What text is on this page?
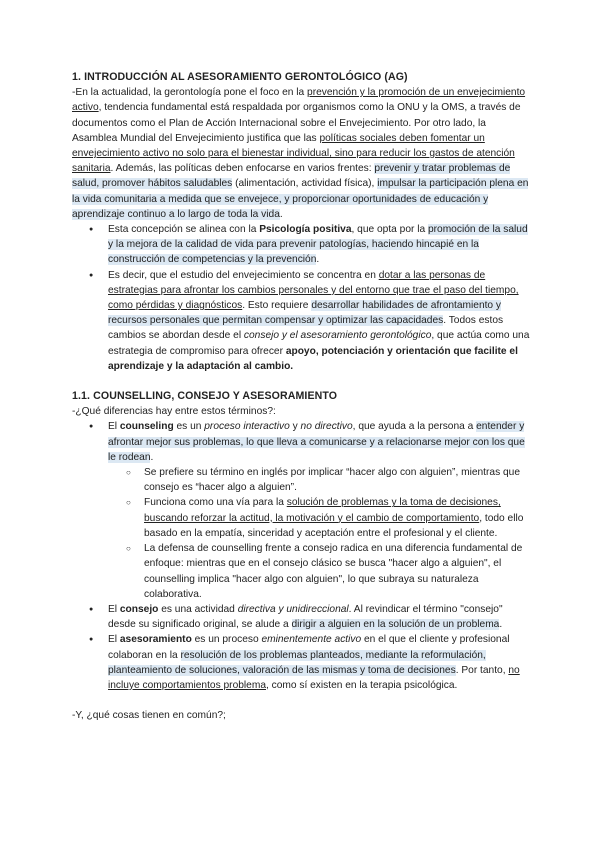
1. INTRODUCCIÓN AL ASESORAMIENTO GERONTOLÓGICO (AG)

-En la actualidad, la gerontología pone el foco en la prevención y la promoción de un envejecimiento activo, tendencia fundamental está respaldada por organismos como la ONU y la OMS, a través de documentos como el Plan de Acción Internacional sobre el Envejecimiento. Por otro lado, la Asamblea Mundial del Envejecimiento justifica que las políticas sociales deben fomentar un envejecimiento activo no solo para el bienestar individual, sino para reducir los gastos de atención sanitaria. Además, las políticas deben enfocarse en varios frentes: prevenir y tratar problemas de salud, promover hábitos saludables (alimentación, actividad física), impulsar la participación plena en la vida comunitaria a medida que se envejece, y proporcionar oportunidades de educación y aprendizaje continuo a lo largo de toda la vida.

● Esta concepción se alinea con la Psicología positiva, que opta por la promoción de la salud y la mejora de la calidad de vida para prevenir patologías, haciendo hincapié en la construcción de competencias y la prevención.
● Es decir, que el estudio del envejecimiento se concentra en dotar a las personas de estrategias para afrontar los cambios personales y del entorno que trae el paso del tiempo, como pérdidas y diagnósticos. Esto requiere desarrollar habilidades de afrontamiento y recursos personales que permitan compensar y optimizar las capacidades. Todos estos cambios se abordan desde el consejo y el asesoramiento gerontológico, que actúa como una estrategia de compromiso para ofrecer apoyo, potenciación y orientación que facilite el aprendizaje y la adaptación al cambio.
1.1. COUNSELLING, CONSEJO Y ASESORAMIENTO

-¿Qué diferencias hay entre estos términos?:

● El counseling es un proceso interactivo y no directivo, que ayuda a la persona a entender y afrontar mejor sus problemas, lo que lleva a comunicarse y a relacionarse mejor con los que le rodean.
○ Se prefiere su término en inglés por implicar “hacer algo con alguien”, mientras que consejo es “hacer algo a alguien”.
○ Funciona como una vía para la solución de problemas y la toma de decisiones, buscando reforzar la actitud, la motivación y el cambio de comportamiento, todo ello basado en la empatía, sinceridad y aceptación entre el profesional y el cliente.
○ La defensa de counselling frente a consejo radica en una diferencia fundamental de enfoque: mientras que en el consejo clásico se busca "hacer algo a alguien", el counselling implica "hacer algo con alguien", lo que subraya su naturaleza colaborativa.
● El consejo es una actividad directiva y unidireccional. Al revindicar el término "consejo" desde su significado original, se alude a dirigir a alguien en la solución de un problema.
● El asesoramiento es un proceso eminentemente activo en el que el cliente y profesional colaboran en la resolución de los problemas planteados, mediante la reformulación, planteamiento de soluciones, valoración de las mismas y toma de decisiones. Por tanto, no incluye comportamientos problema, como sí existen en la terapia psicológica.

-Y, ¿qué cosas tienen en común?;
